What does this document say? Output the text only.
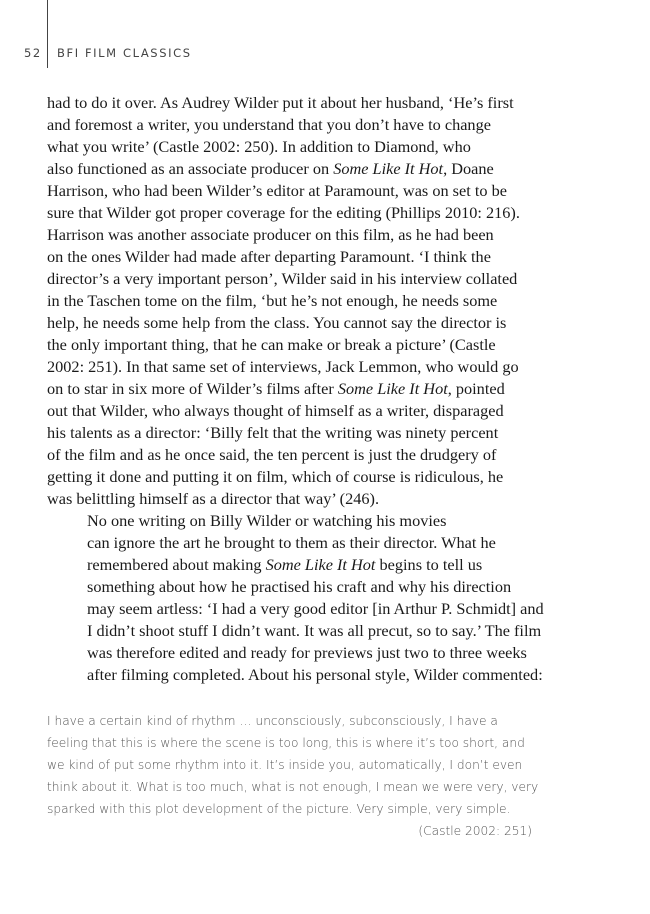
52 BFI FILM CLASSICS

had to do it over. As Audrey Wilder put it about her husband, ‘He’s first
and foremost a writer, you understand that you don’t have to change
what you write’ (Castle 2002: 250). In addition to Diamond, who
also functioned as an associate producer on Some Like It Hot, Doane
Harrison, who had been Wilder’s editor at Paramount, was on set to be
sure that Wilder got proper coverage for the editing (Phillips 2010: 216).
Harrison was another associate producer on this film, as he had been
on the ones Wilder had made after departing Paramount. ‘I think the
director’s a very important person’, Wilder said in his interview collated
in the Taschen tome on the film, ‘but he’s not enough, he needs some
help, he needs some help from the class. You cannot say the director is
the only important thing, that he can make or break a picture’ (Castle
2002: 251). In that same set of interviews, Jack Lemmon, who would go
on to star in six more of Wilder’s films after Some Like It Hot, pointed
out that Wilder, who always thought of himself as a writer, disparaged
his talents as a director: ‘Billy felt that the writing was ninety percent
of the film and as he once said, the ten percent is just the drudgery of
getting it done and putting it on film, which of course is ridiculous, he
was belittling himself as a director that way’ (246).

No one writing on Billy Wilder or watching his movies
can ignore the art he brought to them as their director. What he
remembered about making Some Like It Hot begins to tell us
something about how he practised his craft and why his direction
may seem artless: ‘I had a very good editor [in Arthur P. Schmidt] and
I didn’t shoot stuff I didn’t want. It was all precut, so to say.’ The film
was therefore edited and ready for previews just two to three weeks
after filming completed. About his personal style, Wilder commented:

I have a certain kind of rhythm … unconsciously, subconsciously, I have a
feeling that this is where the scene is too long, this is where it’s too short, and
we kind of put some rhythm into it. It’s inside you, automatically, I don’t even
think about it. What is too much, what is not enough, I mean we were very, very
sparked with this plot development of the picture. Very simple, very simple.
(Castle 2002: 251)
